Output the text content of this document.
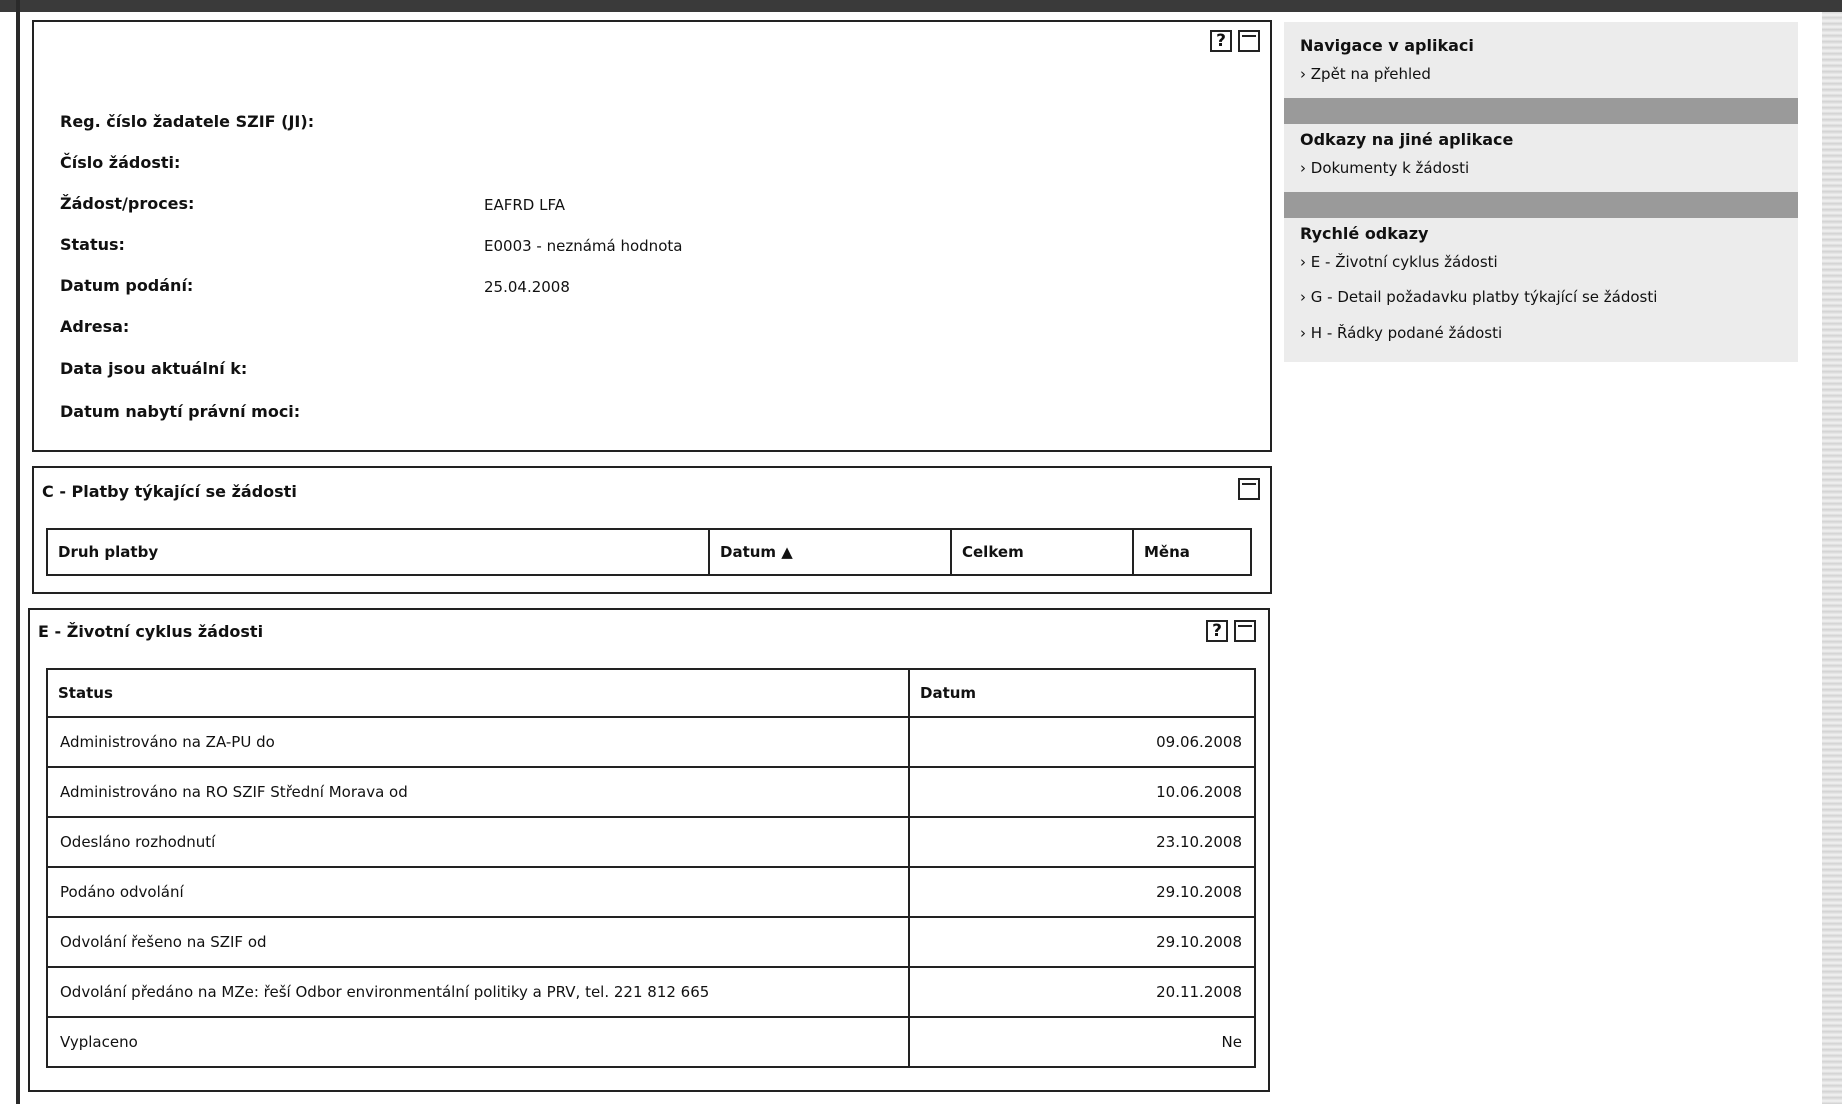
?
Reg. číslo žadatele SZIF (JI):
Číslo žádosti:
Žádost/proces:	EAFRD LFA
Status:	E0003 - neznámá hodnota
Datum podání:	25.04.2008
Adresa:
Data jsou aktuální k:
Datum nabytí právní moci:
C - Platby týkající se žádosti
Druh platby	Datum ▲	Celkem	Měna
E - Životní cyklus žádosti	?
Status	Datum
Administrováno na ZA-PU do	09.06.2008
Administrováno na RO SZIF Střední Morava od	10.06.2008
Odesláno rozhodnutí	23.10.2008
Podáno odvolání	29.10.2008
Odvolání řešeno na SZIF od	29.10.2008
Odvolání předáno na MZe: řeší Odbor environmentální politiky a PRV, tel. 221 812 665	20.11.2008
Vyplaceno	Ne
Navigace v aplikaci
› Zpět na přehled
Odkazy na jiné aplikace
› Dokumenty k žádosti
Rychlé odkazy
› E - Životní cyklus žádosti
› G - Detail požadavku platby týkající se žádosti
› H - Řádky podané žádosti
